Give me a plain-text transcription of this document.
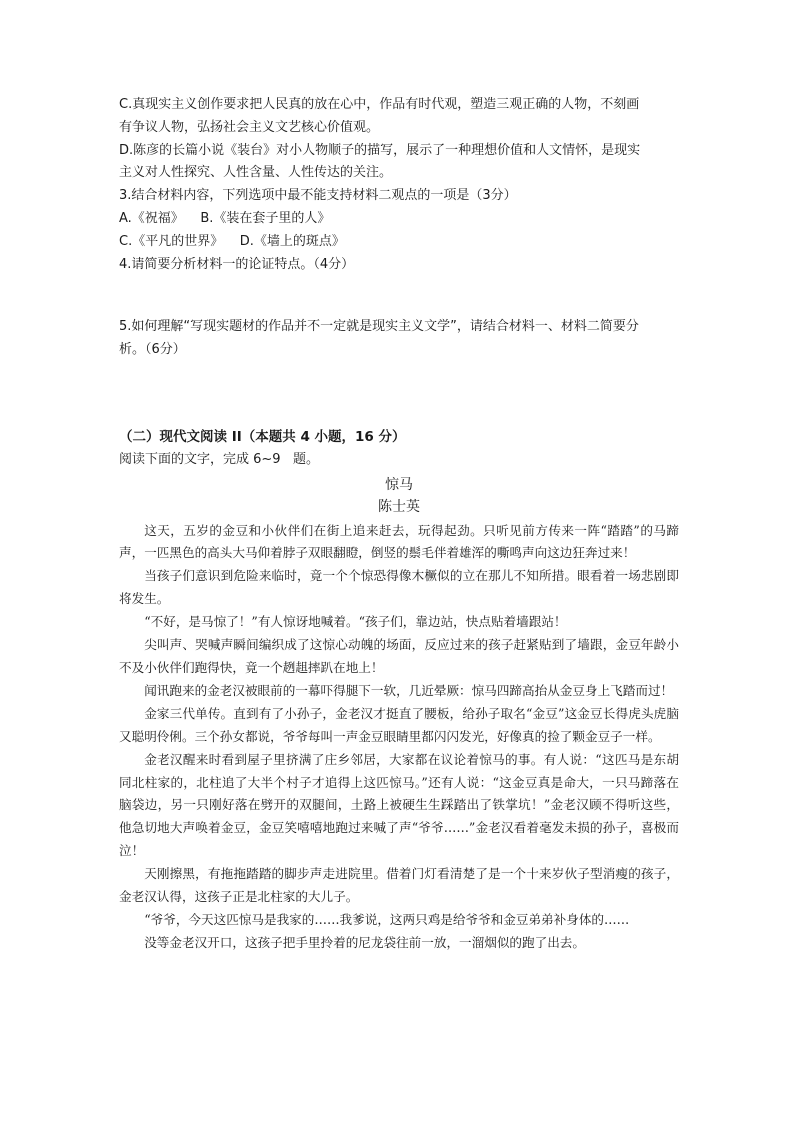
C.真现实主义创作要求把人民真的放在心中，作品有时代观，塑造三观正确的人物，不刻画

有争议人物，弘扬社会主义文艺核心价值观。

D.陈彦的长篇小说《装台》对小人物顺子的描写，展示了一种理想价值和人文情怀，是现实

主义对人性探究、人性含量、人性传达的关注。

3.结合材料内容，下列选项中最不能支持材料二观点的一项是（3分）

A.《祝福》    B.《装在套子里的人》

C.《平凡的世界》    D.《墙上的斑点》

4.请简要分析材料一的论证特点。（4分）

5.如何理解“写现实题材的作品并不一定就是现实主义文学”，请结合材料一、材料二简要分

析。（6分）

（二）现代文阅读 II（本题共 4 小题，16 分）

阅读下面的文字，完成 6~9   题。

惊马

陈士英

这天，五岁的金豆和小伙伴们在街上追来赶去，玩得起劲。只听见前方传来一阵“踏踏”的马蹄声，一匹黑色的高头大马仰着脖子双眼翻瞪，倒竖的鬃毛伴着雄浑的嘶鸣声向这边狂奔过来！

当孩子们意识到危险来临时，竟一个个惊恐得像木橛似的立在那儿不知所措。眼看着一场悲剧即将发生。

“不好，是马惊了！”有人惊讶地喊着。“孩子们，靠边站，快点贴着墙跟站！

尖叫声、哭喊声瞬间编织成了这惊心动魄的场面，反应过来的孩子赶紧贴到了墙跟，金豆年龄小不及小伙伴们跑得快，竟一个趔趄摔趴在地上！

闻讯跑来的金老汉被眼前的一幕吓得腿下一软，几近晕厥：惊马四蹄高抬从金豆身上飞踏而过！

金家三代单传。直到有了小孙子，金老汉才挺直了腰板，给孙子取名“金豆”这金豆长得虎头虎脑又聪明伶俐。三个孙女都说，爷爷每叫一声金豆眼睛里都闪闪发光，好像真的捡了颗金豆子一样。

金老汉醒来时看到屋子里挤满了庄乡邻居，大家都在议论着惊马的事。有人说：“这匹马是东胡同北柱家的，北柱追了大半个村子才追得上这匹惊马。”还有人说：“这金豆真是命大，一只马蹄落在脑袋边，另一只刚好落在劈开的双腿间，土路上被硬生生踩踏出了铁掌坑！”金老汉顾不得听这些，他急切地大声唤着金豆，金豆笑嘻嘻地跑过来喊了声“爷爷……”金老汉看着毫发未损的孙子，喜极而泣！

天刚擦黑，有拖拖踏踏的脚步声走进院里。借着门灯看清楚了是一个十来岁伙子型消瘦的孩子，金老汉认得，这孩子正是北柱家的大儿子。

“爷爷，今天这匹惊马是我家的……我爹说，这两只鸡是给爷爷和金豆弟弟补身体的……

没等金老汉开口，这孩子把手里拎着的尼龙袋往前一放，一溜烟似的跑了出去。
